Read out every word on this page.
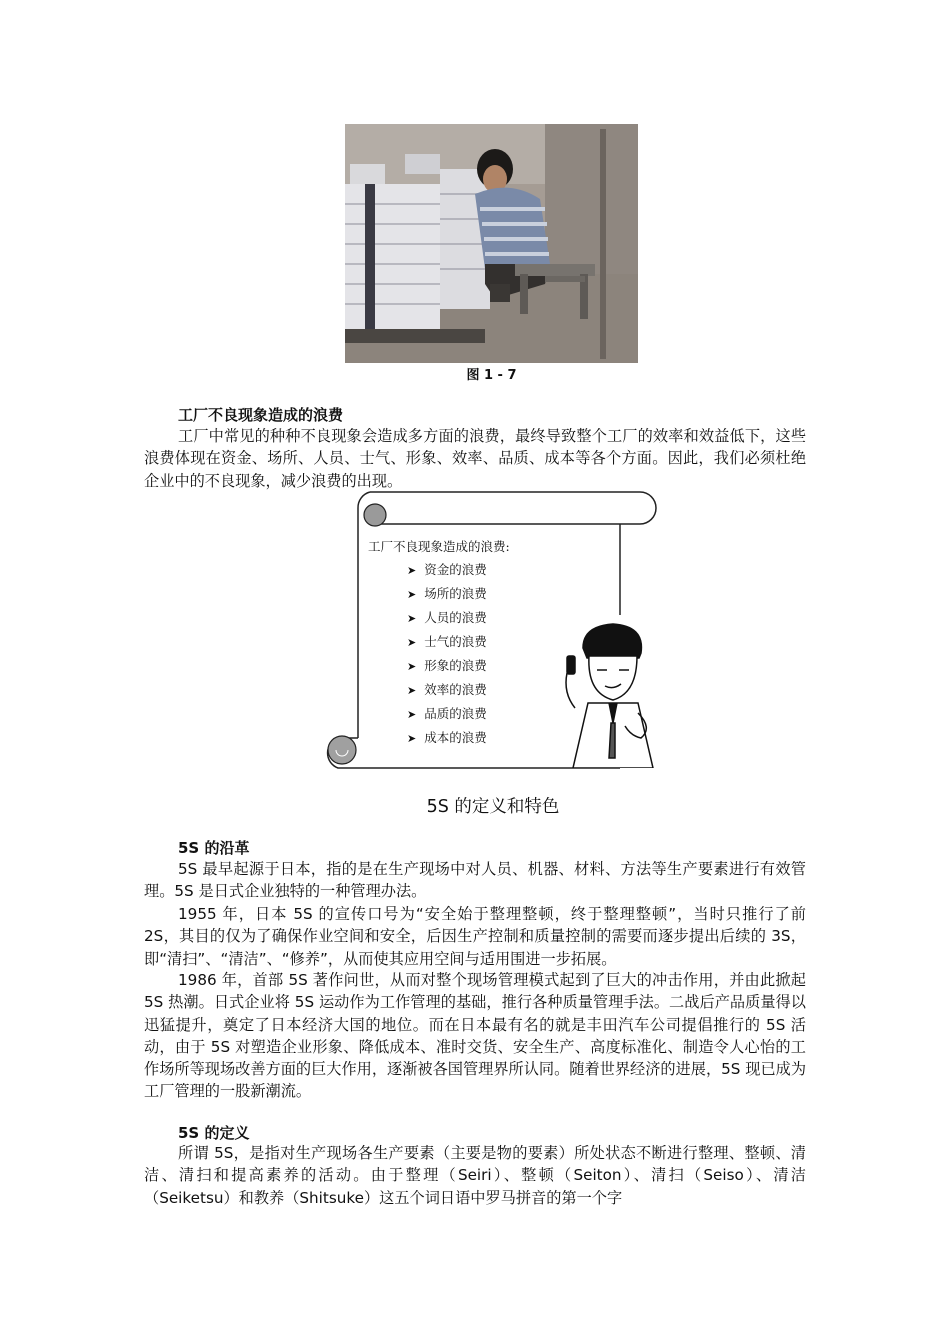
图 1 - 7
工厂不良现象造成的浪费
工厂中常见的种种不良现象会造成多方面的浪费，最终导致整个工厂的效率和效益低下，这些浪费体现在资金、场所、人员、士气、形象、效率、品质、成本等各个方面。因此，我们必须杜绝企业中的不良现象，减少浪费的出现。
工厂不良现象造成的浪费:
➤ 资金的浪费
➤ 场所的浪费
➤ 人员的浪费
➤ 士气的浪费
➤ 形象的浪费
➤ 效率的浪费
➤ 品质的浪费
➤ 成本的浪费
5S 的定义和特色
5S 的沿革
5S 最早起源于日本，指的是在生产现场中对人员、机器、材料、方法等生产要素进行有效管理。5S 是日式企业独特的一种管理办法。
1955 年，日本 5S 的宣传口号为“安全始于整理整顿，终于整理整顿”，当时只推行了前 2S，其目的仅为了确保作业空间和安全，后因生产控制和质量控制的需要而逐步提出后续的 3S，即“清扫”、“清洁”、“修养”，从而使其应用空间与适用围进一步拓展。
1986 年，首部 5S 著作问世，从而对整个现场管理模式起到了巨大的冲击作用，并由此掀起 5S 热潮。日式企业将 5S 运动作为工作管理的基础，推行各种质量管理手法。二战后产品质量得以迅猛提升，奠定了日本经济大国的地位。而在日本最有名的就是丰田汽车公司提倡推行的 5S 活动，由于 5S 对塑造企业形象、降低成本、准时交货、安全生产、高度标准化、制造令人心怡的工作场所等现场改善方面的巨大作用，逐渐被各国管理界所认同。随着世界经济的进展，5S 现已成为工厂管理的一股新潮流。
5S 的定义
所谓 5S，是指对生产现场各生产要素（主要是物的要素）所处状态不断进行整理、整顿、清洁、清扫和提高素养的活动。由于整理（Seiri）、整顿（Seiton）、清扫（Seiso）、清洁（Seiketsu）和教养（Shitsuke）这五个词日语中罗马拼音的第一个字
